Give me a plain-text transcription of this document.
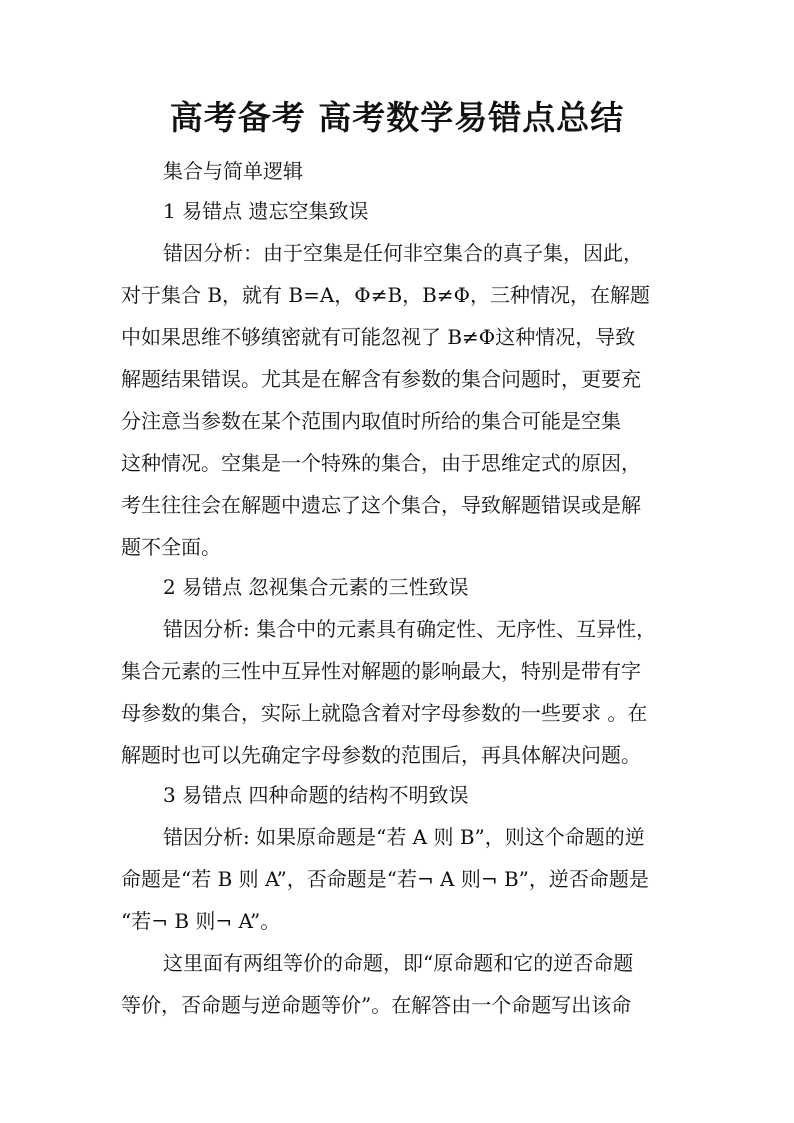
高考备考 高考数学易错点总结

集合与简单逻辑

1 易错点 遗忘空集致误

错因分析：由于空集是任何非空集合的真子集，因此，

对于集合 B，就有 B=A，Φ≠B，B≠Φ，三种情况，在解题

中如果思维不够缜密就有可能忽视了 B≠Φ这种情况，导致

解题结果错误。尤其是在解含有参数的集合问题时，更要充

分注意当参数在某个范围内取值时所给的集合可能是空集

这种情况。空集是一个特殊的集合，由于思维定式的原因，

考生往往会在解题中遗忘了这个集合，导致解题错误或是解

题不全面。

2 易错点 忽视集合元素的三性致误

错因分析: 集合中的元素具有确定性、无序性、互异性，

集合元素的三性中互异性对解题的影响最大，特别是带有字

母参数的集合，实际上就隐含着对字母参数的一些要求 。在

解题时也可以先确定字母参数的范围后，再具体解决问题。

3 易错点 四种命题的结构不明致误

错因分析: 如果原命题是“若 A 则 B”，则这个命题的逆

命题是“若 B 则 A”，否命题是“若¬ A 则¬ B”，逆否命题是

“若¬ B 则¬ A”。

这里面有两组等价的命题，即“原命题和它的逆否命题

等价，否命题与逆命题等价”。在解答由一个命题写出该命
